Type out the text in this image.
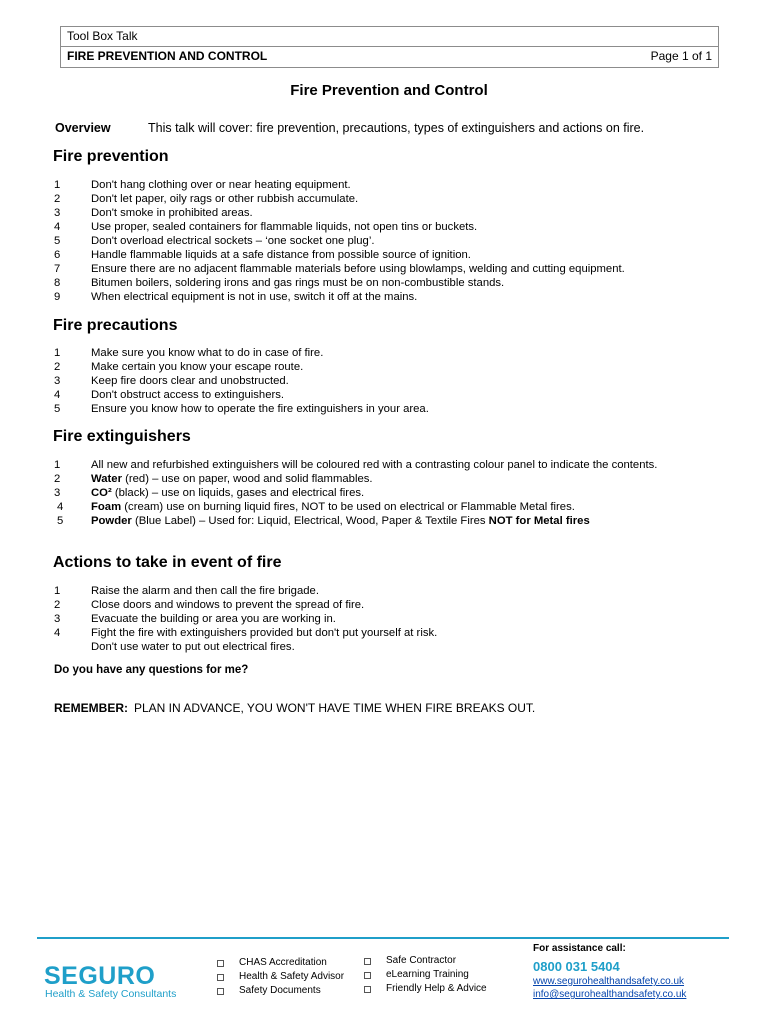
Tool Box Talk
FIRE PREVENTION AND CONTROL	Page 1 of 1
Fire Prevention and Control
Overview	This talk will cover: fire prevention, precautions, types of extinguishers and actions on fire.
Fire prevention
1	Don't hang clothing over or near heating equipment.
2	Don't let paper, oily rags or other rubbish accumulate.
3	Don't smoke in prohibited areas.
4	Use proper, sealed containers for flammable liquids, not open tins or buckets.
5	Don't overload electrical sockets – ‘one socket one plug’.
6	Handle flammable liquids at a safe distance from possible source of ignition.
7	Ensure there are no adjacent flammable materials before using blowlamps, welding and cutting equipment.
8	Bitumen boilers, soldering irons and gas rings must be on non-combustible stands.
9	When electrical equipment is not in use, switch it off at the mains.
Fire precautions
1	Make sure you know what to do in case of fire.
2	Make certain you know your escape route.
3	Keep fire doors clear and unobstructed.
4	Don't obstruct access to extinguishers.
5	Ensure you know how to operate the fire extinguishers in your area.
Fire extinguishers
1	All new and refurbished extinguishers will be coloured red with a contrasting colour panel to indicate the contents.
2	Water (red) – use on paper, wood and solid flammables.
3	CO² (black) – use on liquids, gases and electrical fires.
4 Foam (cream) use on burning liquid fires, NOT to be used on electrical or Flammable Metal fires.
5 Powder (Blue Label) – Used for: Liquid, Electrical, Wood, Paper & Textile Fires NOT for Metal fires
Actions to take in event of fire
1	Raise the alarm and then call the fire brigade.
2	Close doors and windows to prevent the spread of fire.
3	Evacuate the building or area you are working in.
4	Fight the fire with extinguishers provided but don't put yourself at risk.
Don't use water to put out electrical fires.
Do you have any questions for me?
REMEMBER: PLAN IN ADVANCE, YOU WON'T HAVE TIME WHEN FIRE BREAKS OUT.
SEGURO
Health & Safety Consultants
CHAS Accreditation
Health & Safety Advisor
Safety Documents
Safe Contractor
eLearning Training
Friendly Help & Advice
For assistance call:
0800 031 5404
www.segurohealthandsafety.co.uk
info@segurohealthandsafety.co.uk
